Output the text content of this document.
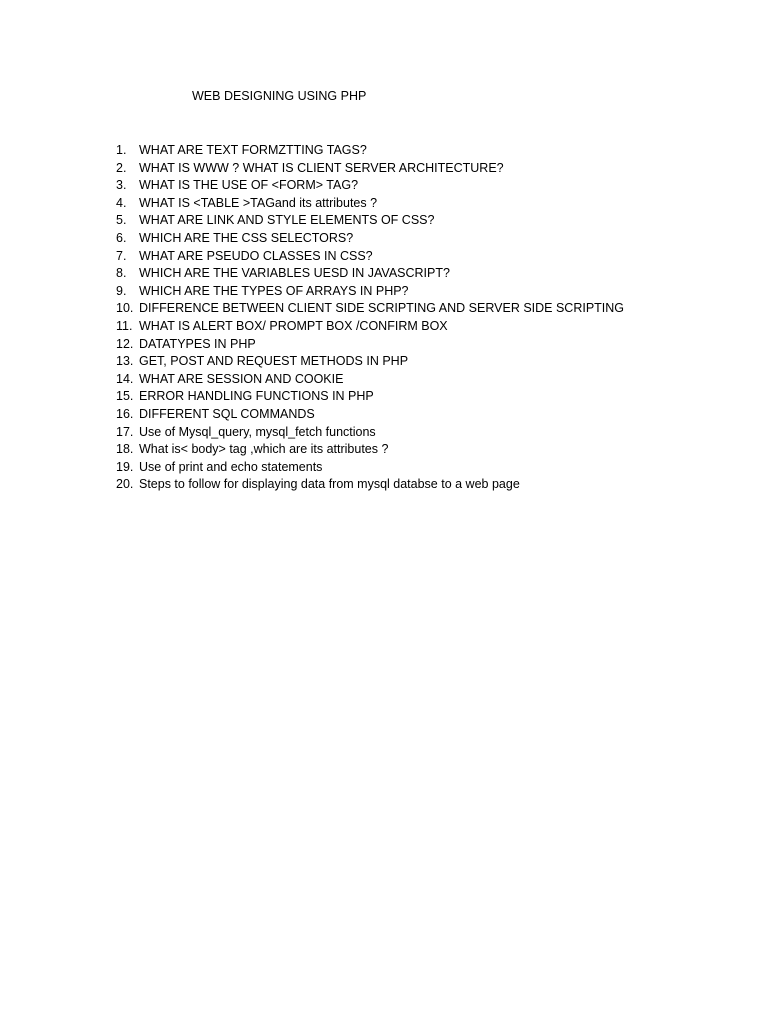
WEB DESIGNING USING PHP
1.	WHAT ARE TEXT FORMZTTING TAGS?
2.	WHAT IS WWW ? WHAT IS CLIENT SERVER ARCHITECTURE?
3.	WHAT IS THE USE OF <FORM> TAG?
4.	WHAT IS <TABLE >TAGand its attributes ?
5.	WHAT ARE LINK AND STYLE ELEMENTS OF CSS?
6.	WHICH ARE THE CSS SELECTORS?
7.	WHAT ARE PSEUDO CLASSES IN CSS?
8.	WHICH ARE THE VARIABLES UESD IN JAVASCRIPT?
9.	WHICH ARE THE TYPES OF ARRAYS IN PHP?
10. DIFFERENCE BETWEEN CLIENT SIDE SCRIPTING AND SERVER SIDE SCRIPTING
11. WHAT IS ALERT BOX/ PROMPT BOX /CONFIRM BOX
12. DATATYPES IN PHP
13. GET, POST AND REQUEST METHODS IN PHP
14. WHAT ARE SESSION AND COOKIE
15. ERROR HANDLING FUNCTIONS IN PHP
16. DIFFERENT SQL COMMANDS
17. Use of Mysql_query, mysql_fetch functions
18. What is< body> tag ,which are its attributes ?
19. Use of print and echo statements
20. Steps to follow for displaying data from mysql databse to a web page
